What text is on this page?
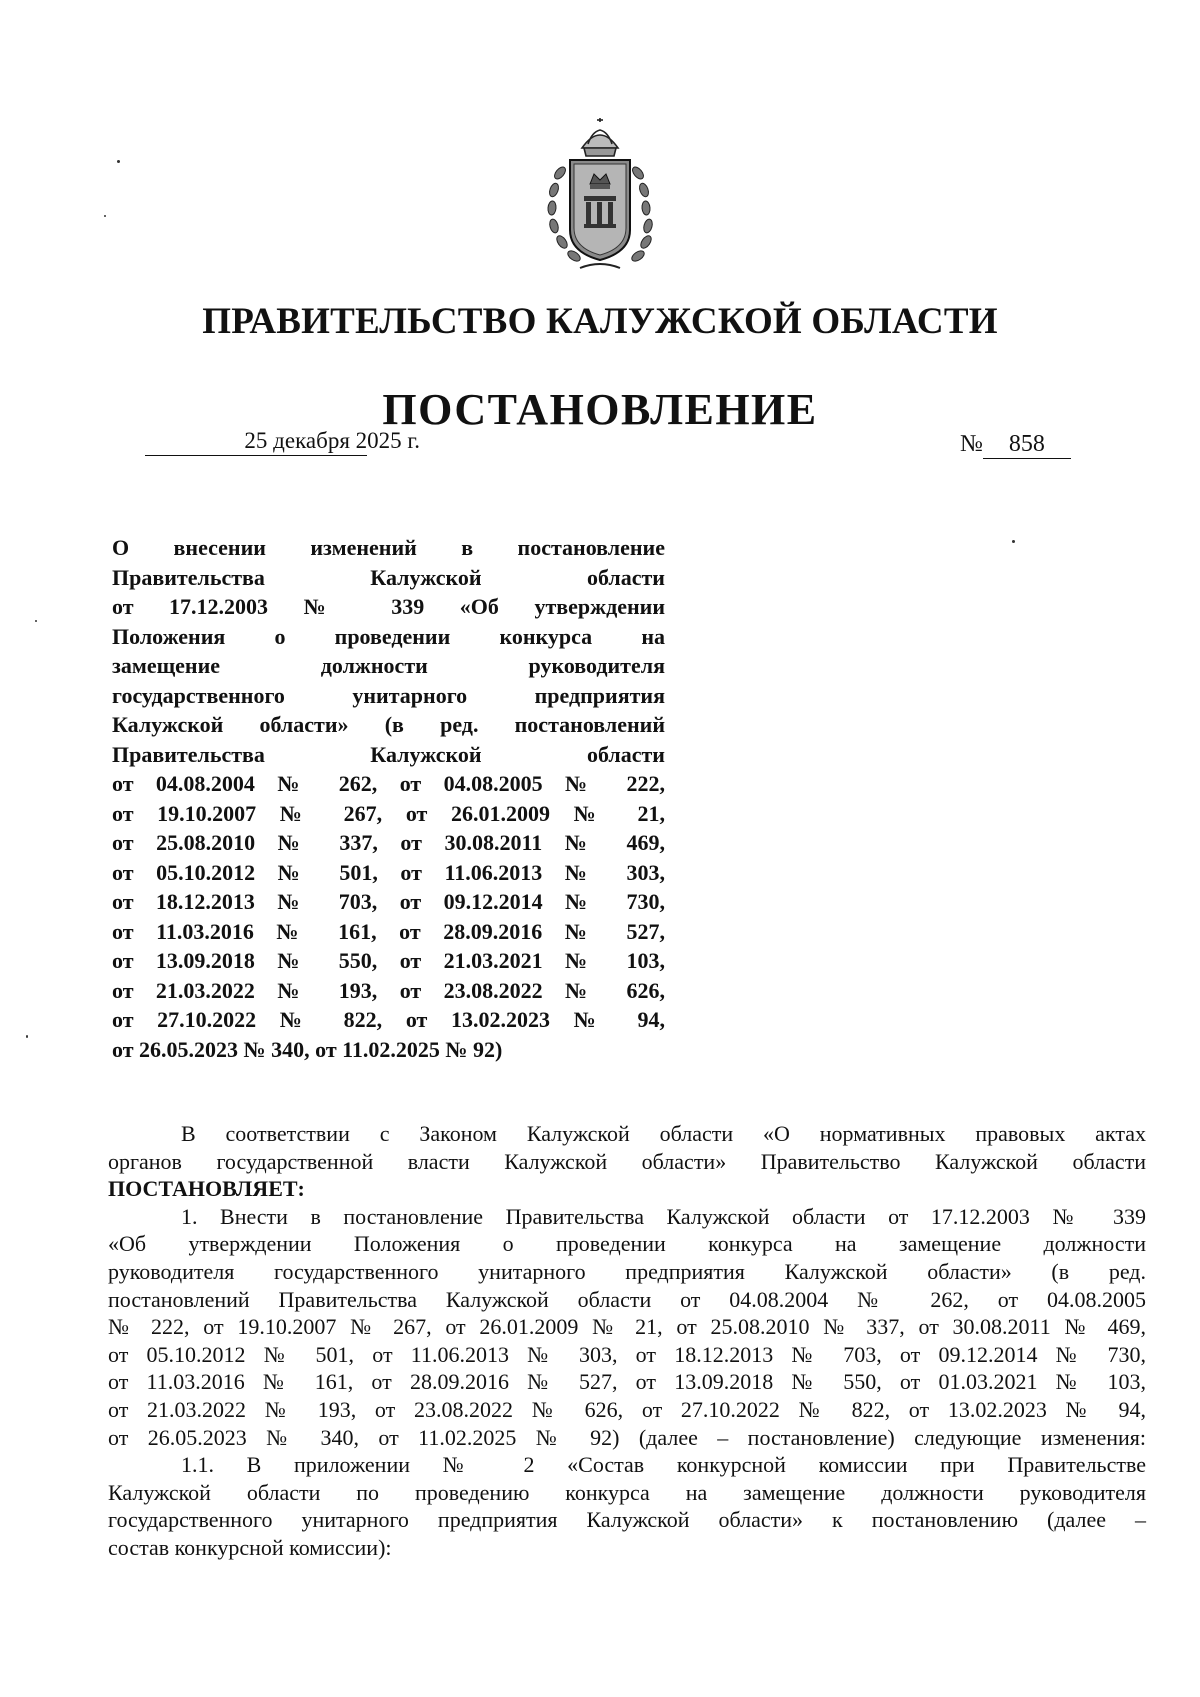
ПРАВИТЕЛЬСТВО КАЛУЖСКОЙ ОБЛАСТИ
ПОСТАНОВЛЕНИЕ
25 декабря 2025 г.	№ 858
О внесении изменений в постановление
Правительства Калужской области
от 17.12.2003 № 339 «Об утверждении
Положения о проведении конкурса на
замещение должности руководителя
государственного унитарного предприятия
Калужской области» (в ред. постановлений
Правительства Калужской области
от 04.08.2004 № 262, от 04.08.2005 № 222,
от 19.10.2007 № 267, от 26.01.2009 № 21,
от 25.08.2010 № 337, от 30.08.2011 № 469,
от 05.10.2012 № 501, от 11.06.2013 № 303,
от 18.12.2013 № 703, от 09.12.2014 № 730,
от 11.03.2016 № 161, от 28.09.2016 № 527,
от 13.09.2018 № 550, от 21.03.2021 № 103,
от 21.03.2022 № 193, от 23.08.2022 № 626,
от 27.10.2022 № 822, от 13.02.2023 № 94,
от 26.05.2023 № 340, от 11.02.2025 № 92)
В соответствии с Законом Калужской области «О нормативных правовых актах
органов государственной власти Калужской области» Правительство Калужской области
ПОСТАНОВЛЯЕТ:
1. Внести в постановление Правительства Калужской области от 17.12.2003 № 339
«Об утверждении Положения о проведении конкурса на замещение должности
руководителя государственного унитарного предприятия Калужской области» (в ред.
постановлений Правительства Калужской области от 04.08.2004 № 262, от 04.08.2005
№ 222, от 19.10.2007 № 267, от 26.01.2009 № 21, от 25.08.2010 № 337, от 30.08.2011 № 469,
от 05.10.2012 № 501, от 11.06.2013 № 303, от 18.12.2013 № 703, от 09.12.2014 № 730,
от 11.03.2016 № 161, от 28.09.2016 № 527, от 13.09.2018 № 550, от 01.03.2021 № 103,
от 21.03.2022 № 193, от 23.08.2022 № 626, от 27.10.2022 № 822, от 13.02.2023 № 94,
от 26.05.2023 № 340, от 11.02.2025 № 92) (далее – постановление) следующие изменения:
1.1. В приложении № 2 «Состав конкурсной комиссии при Правительстве
Калужской области по проведению конкурса на замещение должности руководителя
государственного унитарного предприятия Калужской области» к постановлению (далее –
состав конкурсной комиссии):
